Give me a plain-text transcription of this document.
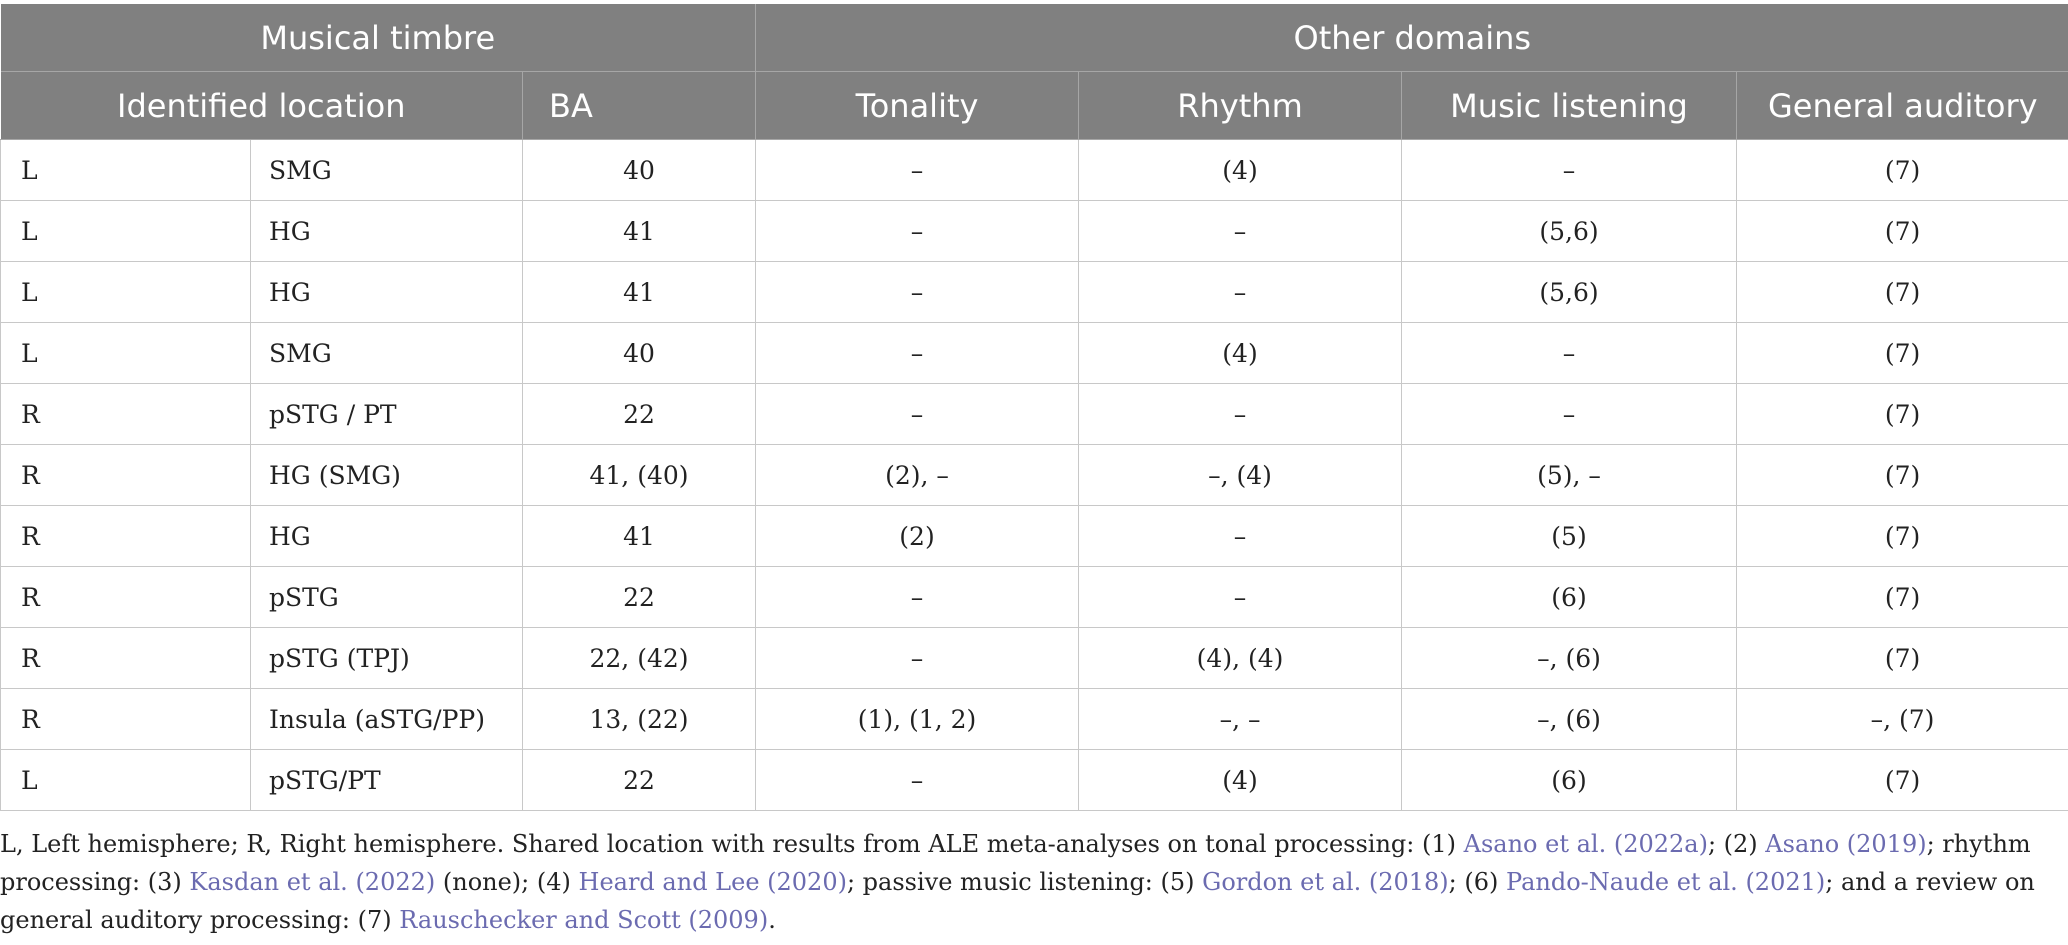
Musical timbre			Other domains			
Identified location		BA	Tonality	Rhythm	Music listening	General auditory
L	SMG	40	–	(4)	–	(7)
L	HG	41	–	–	(5,6)	(7)
L	HG	41	–	–	(5,6)	(7)
L	SMG	40	–	(4)	–	(7)
R	pSTG / PT	22	–	–	–	(7)
R	HG (SMG)	41, (40)	(2), –	–, (4)	(5), –	(7)
R	HG	41	(2)	–	(5)	(7)
R	pSTG	22	–	–	(6)	(7)
R	pSTG (TPJ)	22, (42)	–	(4), (4)	–, (6)	(7)
R	Insula (aSTG/PP)	13, (22)	(1), (1, 2)	–, –	–, (6)	–, (7)
L	pSTG/PT	22	–	(4)	(6)	(7)
L, Left hemisphere; R, Right hemisphere. Shared location with results from ALE meta-analyses on tonal processing: (1) Asano et al. (2022a); (2) Asano (2019); rhythm processing: (3) Kasdan et al. (2022) (none); (4) Heard and Lee (2020); passive music listening: (5) Gordon et al. (2018); (6) Pando-Naude et al. (2021); and a review on general auditory processing: (7) Rauschecker and Scott (2009).
